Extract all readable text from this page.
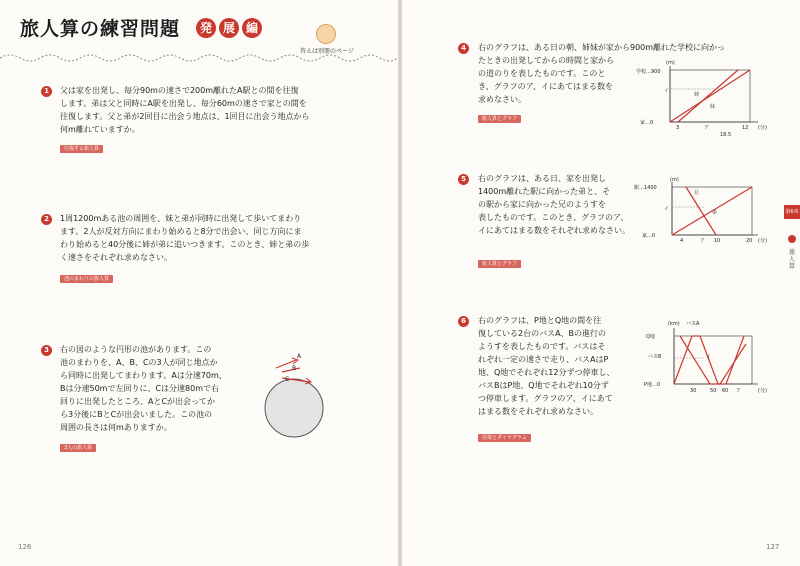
旅人算の練習問題	発 展 編
答えは別冊のページ
1	父は家を出発し、毎分90mの速さで200m離れたA駅との間を往復
します。弟は父と同時にA駅を出発し、毎分60mの速さで家との間を
往復します。父と弟が2回目に出会う地点は、1回目に出会う地点から
何m離れていますか。
往復する旅人算
2	1周1200mある池の周囲を、妹と弟が同時に出発して歩いてまわり
ます。2人が反対方向にまわり始めると8分で出会い、同じ方向にま
わり始めると40分後に姉が弟に追いつきます。このとき、姉と弟の歩
く速さをそれぞれ求めなさい。
池のまわりの旅人算
3	右の図のような円形の池があります。この
池のまわりを、A、B、Cの3人が同じ地点か
ら同時に出発してまわります。Aは分速70m、
Bは分速50mで左回りに、Cは分速80mで右
回りに出発したところ、AとCが出会ってか
ら3分後にBとCが出会いました。この池の
周囲の長さは何mありますか。
3人の旅人算
A
B
C
126
4	右のグラフは、ある日の朝、姉妹が家から900m離れた学校に向かっ
たときの出発してからの時間と家から
の道のりを表したものです。このと
き、グラフのア、イにあてはまる数を
求めなさい。
旅人算とグラフ
(m)
学校…900
イ
家…0
姉
妹
3	ア	12 (分)
18.5
5	右のグラフは、ある日、家を出発し
1400m離れた駅に向かった弟と、そ
の駅から家に向かった兄のようすを
表したものです。このとき、グラフのア、
イにあてはまる数をそれぞれ求めなさい。
旅人算とグラフ
(m)
駅…1400
イ
家…0
兄
弟
4	ア 10	20 (分)
6	右のグラフは、P地とQ地の間を往
復している2台のバスA、Bの進行の
ようすを表したものです。バスはそ
れぞれ一定の速さで走り、バスAはP
地、Q地でそれぞれ12分ずつ停車し、
バスBはP地、Q地でそれぞれ10分ず
つ停車します。グラフのア、イにあて
はまる数をそれぞれ求めなさい。
往復とダイヤグラム
(km) バスA
Q地
バスB
P地…0
イ
30	50 60 ア	(分)
第6章
旅人算
127
